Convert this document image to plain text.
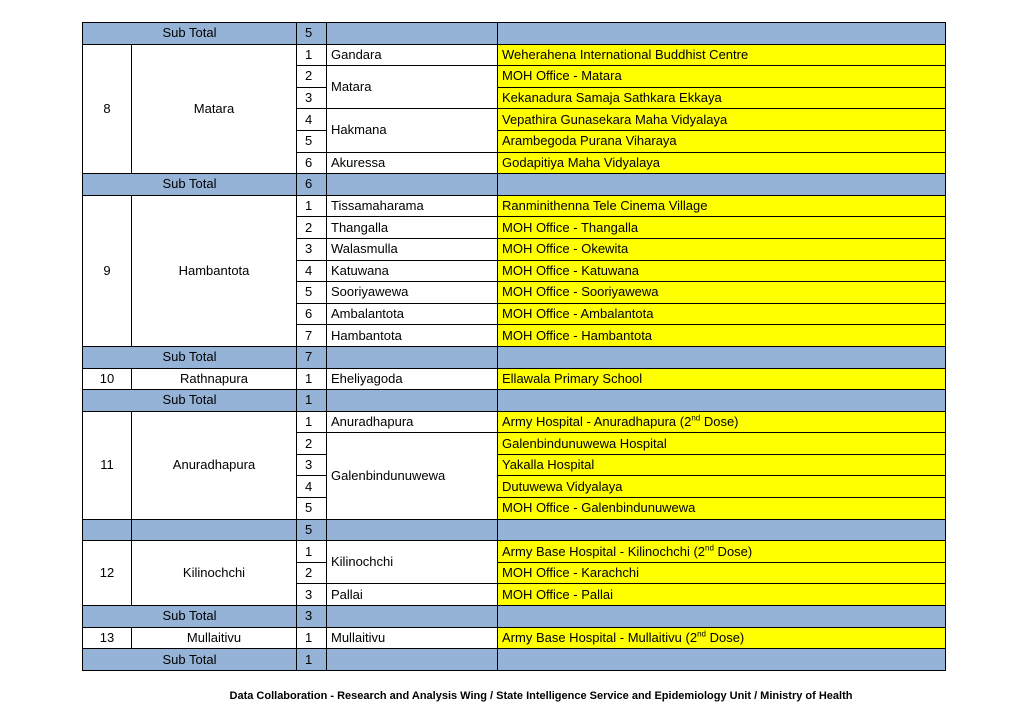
Sub Total		5		
8	Matara	1	Gandara	Weherahena International Buddhist Centre
		2	Matara	MOH Office - Matara
		3		Kekanadura Samaja Sathkara Ekkaya
		4	Hakmana	Vepathira Gunasekara Maha Vidyalaya
		5		Arambegoda Purana Viharaya
		6	Akuressa	Godapitiya Maha Vidyalaya
Sub Total		6		
9	Hambantota	1	Tissamaharama	Ranminithenna Tele Cinema Village
		2	Thangalla	MOH Office - Thangalla
		3	Walasmulla	MOH Office - Okewita
		4	Katuwana	MOH Office - Katuwana
		5	Sooriyawewa	MOH Office - Sooriyawewa
		6	Ambalantota	MOH Office - Ambalantota
		7	Hambantota	MOH Office - Hambantota
Sub Total		7		
10	Rathnapura	1	Eheliyagoda	Ellawala Primary School
Sub Total		1		
11	Anuradhapura	1	Anuradhapura	Army Hospital - Anuradhapura (2nd Dose)
		2	Galenbindunuwewa	Galenbindunuwewa Hospital
		3		Yakalla Hospital
		4		Dutuwewa Vidyalaya
		5		MOH Office - Galenbindunuwewa
		5		
12	Kilinochchi	1	Kilinochchi	Army Base Hospital - Kilinochchi (2nd Dose)
		2		MOH Office - Karachchi
		3	Pallai	MOH Office - Pallai
Sub Total		3		
13	Mullaitivu	1	Mullaitivu	Army Base Hospital - Mullaitivu (2nd Dose)
Sub Total		1		
Data Collaboration - Research and Analysis Wing / State Intelligence Service and Epidemiology Unit / Ministry of Health
